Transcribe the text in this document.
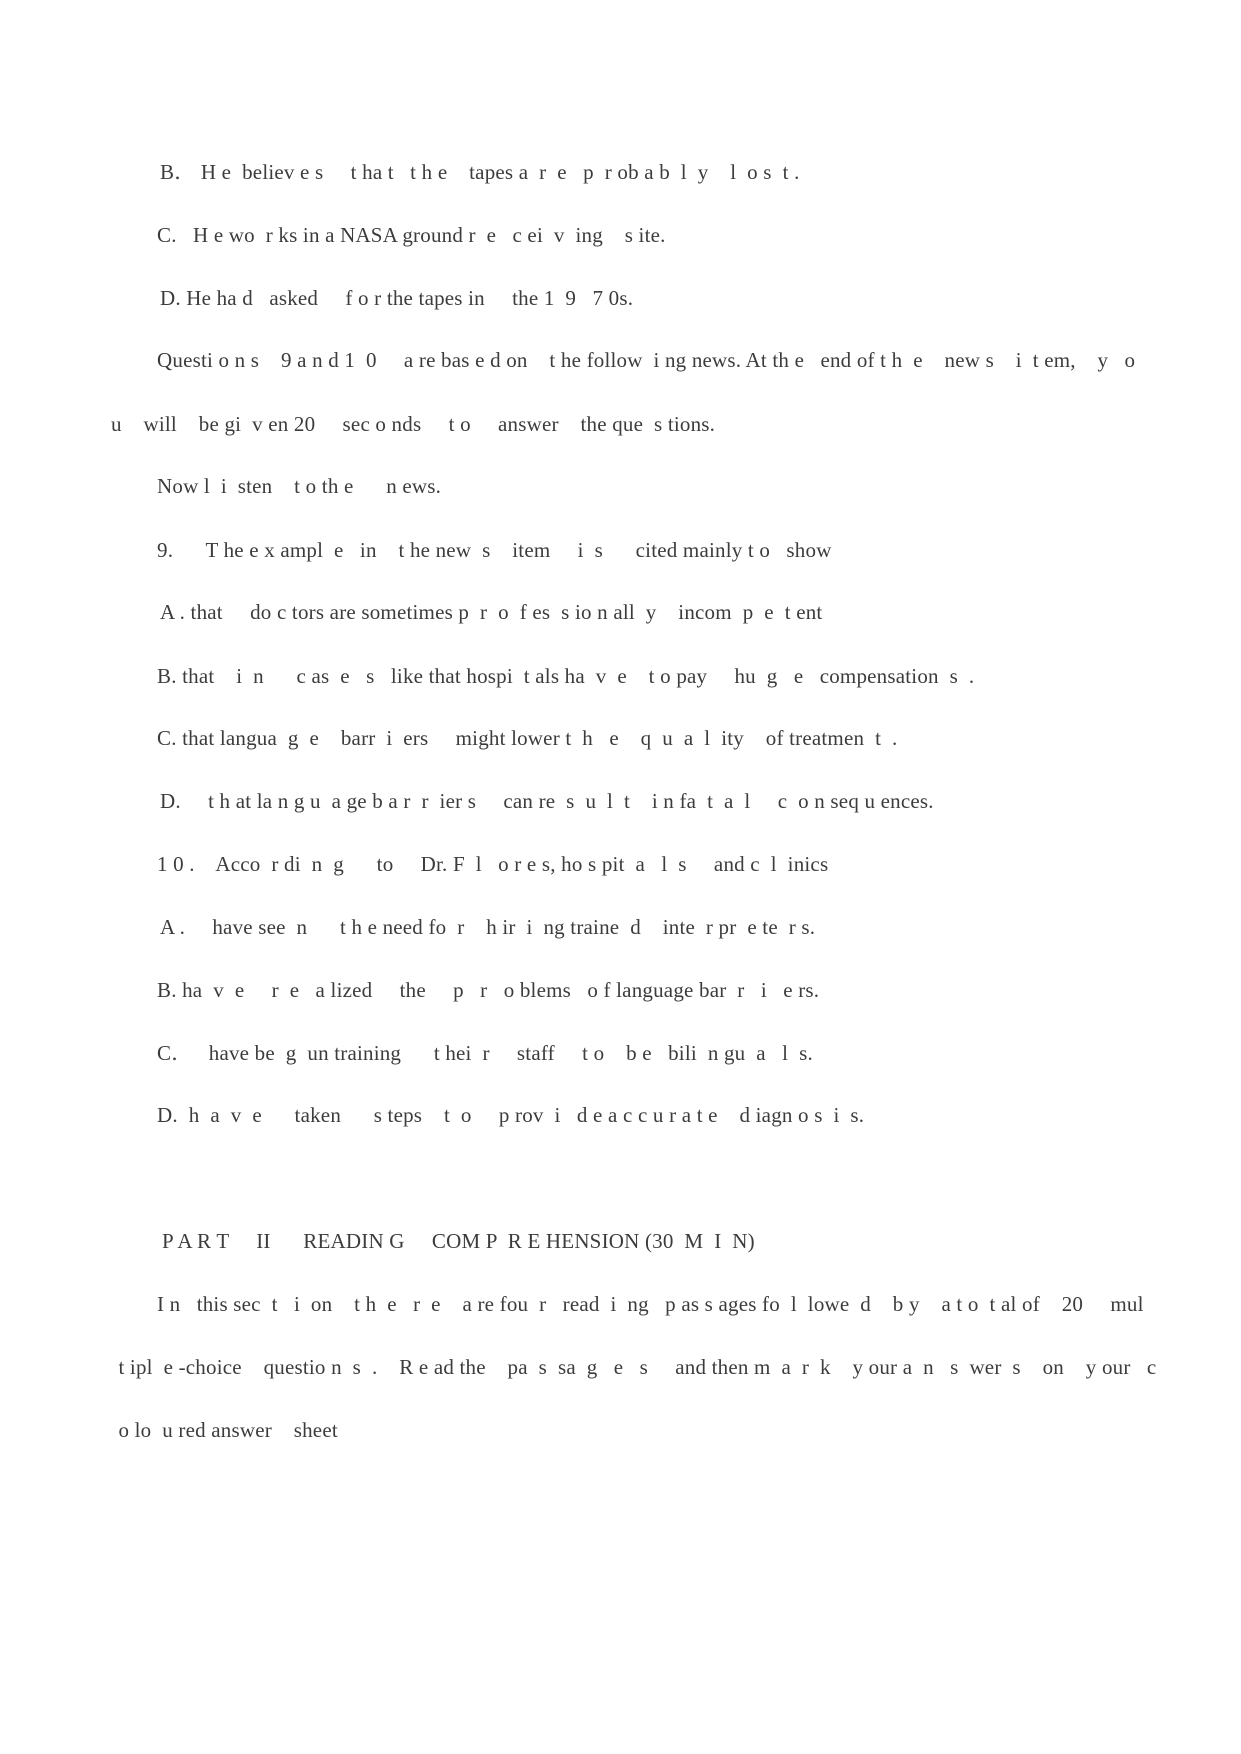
B． H e  believ e s     t ha t   t h e    tapes a  r  e   p  r ob a b  l  y    l  o s  t .
C.   H e wo  r ks in a NASA ground r  e   c ei  v  ing    s ite.
D. He ha d   asked     f o r the tapes in     the 1  9   7 0s.
Questi o n s    9 a n d 1  0     a re bas e d on    t he follow  i ng news. At th e   end of t h  e    new s    i  t em,    y   o
u    will    be gi  v en 20     sec o nds     t o     answer    the que  s tions.
Now l  i  sten    t o th e      n ews.
9.      T he e x ampl  e   in    t he new  s    item     i  s      cited mainly t o   show
A . that     do c tors are sometimes p  r  o  f es  s io n all  y    incom  p  e  t ent
B. that    i  n      c as  e   s   like that hospi  t als ha  v  e    t o pay     hu  g   e   compensation  s  .
C. that langua  g  e    barr  i  ers     might lower t  h   e    q  u  a  l  ity    of treatmen  t  .
D.     t h at la n g u  a ge b a r  r  ier s     can re  s  u  l  t    i n fa  t  a  l     c  o n seq u ences.
1 0 .    Acco  r di  n  g      to     Dr. F  l   o r e s, ho s pit  a   l  s     and c  l  inics
A .     have see  n      t h e need fo  r    h ir  i  ng traine  d    inte  r pr  e te  r s.
B. ha  v  e     r  e   a lized     the     p   r   o blems   o f language bar  r   i   e rs.
C．   have be  g  un training      t hei  r     staff     t o    b e   bili  n gu  a   l  s.
D.  h  a  v  e      taken      s teps    t  o     p rov  i   d e a c c u r a t e    d iagn o s  i  s.
P A R T     II      READIN G     COM P  R E HENSION (30  M  I  N)
I n   this sec  t   i  on    t h  e   r  e    a re fou  r   read  i  ng   p as s ages fo  l  lowe  d    b y    a t o  t al of    20     mul
t ipl  e -choice    questio n  s  .    R e ad the    pa  s  sa  g   e   s     and then m  a  r  k    y our a  n   s  wer  s    on    y our   c
o lo  u red answer    sheet
